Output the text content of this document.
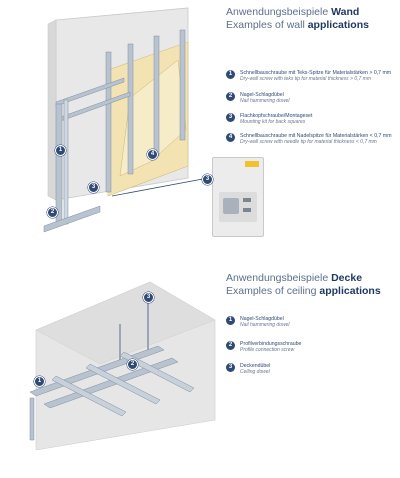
Anwendungsbeispiele Wand
Examples of wall applications
1	Schnellbauschraube mit Teks-Spitze für Materialstärken > 0,7 mm
Dry-wall screw with teks tip for material thickness > 0,7 mm
2	Nagel-Schlagdübel
Nail hammering dowel
3	Flachkopfschraube/Montageset
Mounting kit for back squares
4	Schnellbauschraube mit Nadelspitze für Materialstärken < 0,7 mm
Dry-wall screw with needle tip for material thickness < 0,7 mm
1
2
3
4
3
Anwendungsbeispiele Decke
Examples of ceiling applications
1	Nagel-Schlagdübel
Nail hammering dowel
2	Profilverbindungsschraube
Profile connection screw
3	Deckendübel
Ceiling dowel
1
2
3
